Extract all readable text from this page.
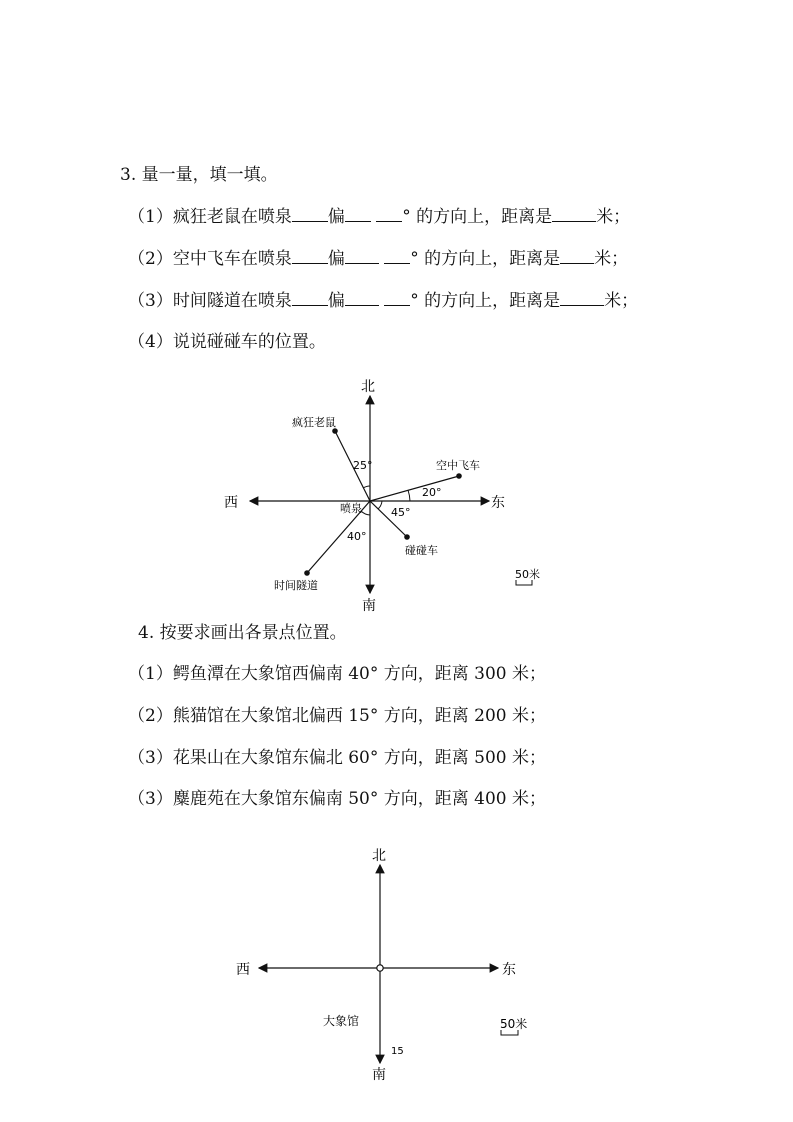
3. 量一量，填一填。
（1）疯狂老鼠在喷泉 偏	° 的方向上，距离是	米；
（2）空中飞车在喷泉 偏	° 的方向上，距离是 米；
（3）时间隧道在喷泉 偏	° 的方向上，距离是	米；
（4）说说碰碰车的位置。
北
南
西	东
疯狂老鼠
空中飞车
碰碰车
时间隧道
喷泉
25°
20°
45°
40°
50米
4. 按要求画出各景点位置。
（1）鳄鱼潭在大象馆西偏南 40° 方向，距离 300 米；
（2）熊猫馆在大象馆北偏西 15° 方向，距离 200 米；
（3）花果山在大象馆东偏北 60° 方向，距离 500 米；
（3）麋鹿苑在大象馆东偏南 50° 方向，距离 400 米；
北
南
西	东
大象馆
15
50米
